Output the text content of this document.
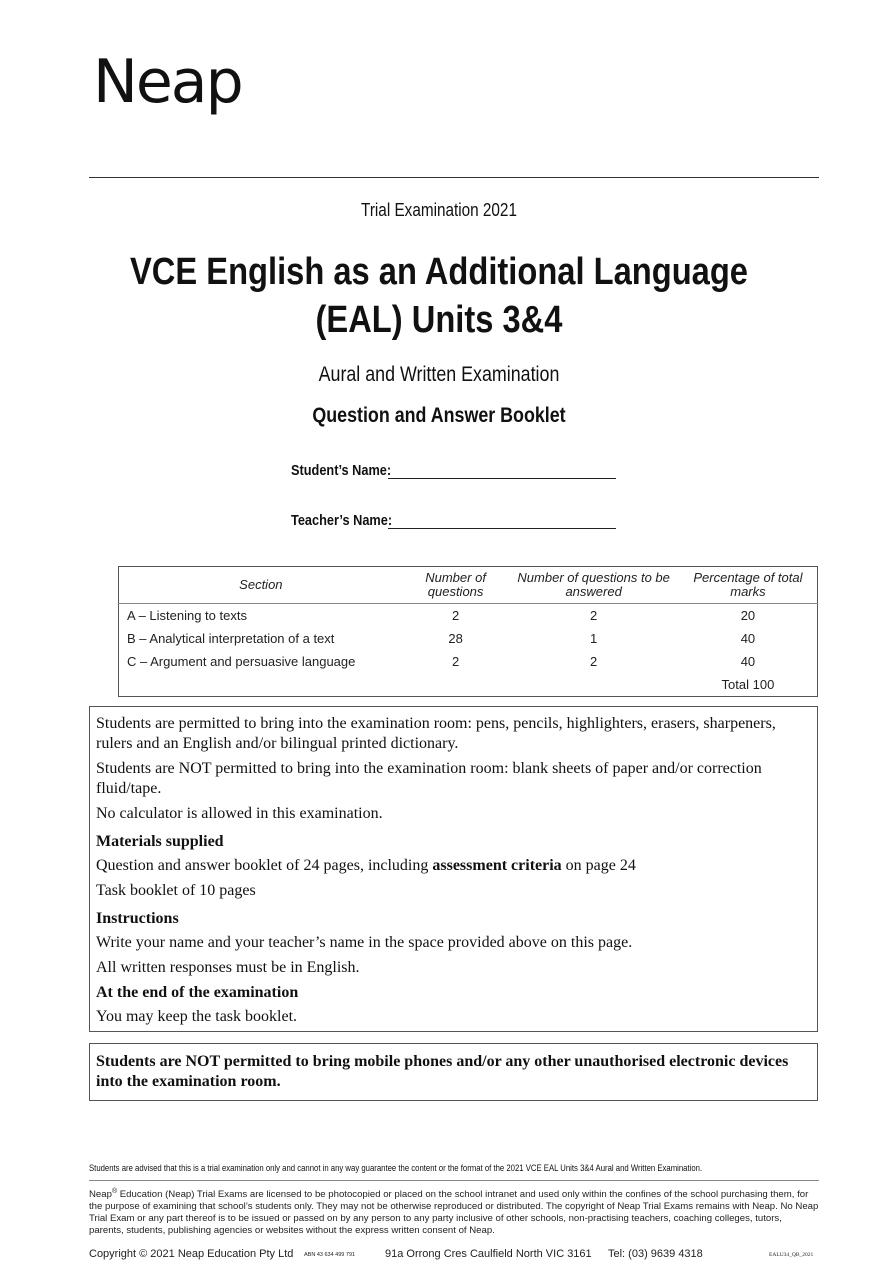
Neap
Trial Examination 2021
VCE English as an Additional Language
(EAL) Units 3&4
Aural and Written Examination
Question and Answer Booklet
Student’s Name:
Teacher’s Name:
Section	Number of questions	Number of questions to be answered	Percentage of total marks
A – Listening to texts	2	2	20
B – Analytical interpretation of a text	28	1	40
C – Argument and persuasive language	2	2	40
			Total 100

Students are permitted to bring into the examination room: pens, pencils, highlighters, erasers, sharpeners, rulers and an English and/or bilingual printed dictionary.

Students are NOT permitted to bring into the examination room: blank sheets of paper and/or correction fluid/tape.

No calculator is allowed in this examination.

Materials supplied

Question and answer booklet of 24 pages, including assessment criteria on page 24

Task booklet of 10 pages

Instructions

Write your name and your teacher’s name in the space provided above on this page.

All written responses must be in English.

At the end of the examination

You may keep the task booklet.

Students are NOT permitted to bring mobile phones and/or any other unauthorised electronic devices into the examination room.
Students are advised that this is a trial examination only and cannot in any way guarantee the content or the format of the 2021 VCE EAL Units 3&4 Aural and Written Examination.
Neap® Education (Neap) Trial Exams are licensed to be photocopied or placed on the school intranet and used only within the confines of the school purchasing them, for the purpose of examining that school’s students only. They may not be otherwise reproduced or distributed. The copyright of Neap Trial Exams remains with Neap. No Neap Trial Exam or any part thereof is to be issued or passed on by any person to any party inclusive of other schools, non-practising teachers, coaching colleges, tutors, parents, students, publishing agencies or websites without the express written consent of Neap.
Copyright © 2021 Neap Education Pty Ltd ABN 43 634 499 791	91a Orrong Cres Caulfield North VIC 3161 Tel: (03) 9639 4318	EALU34_QB_2021
